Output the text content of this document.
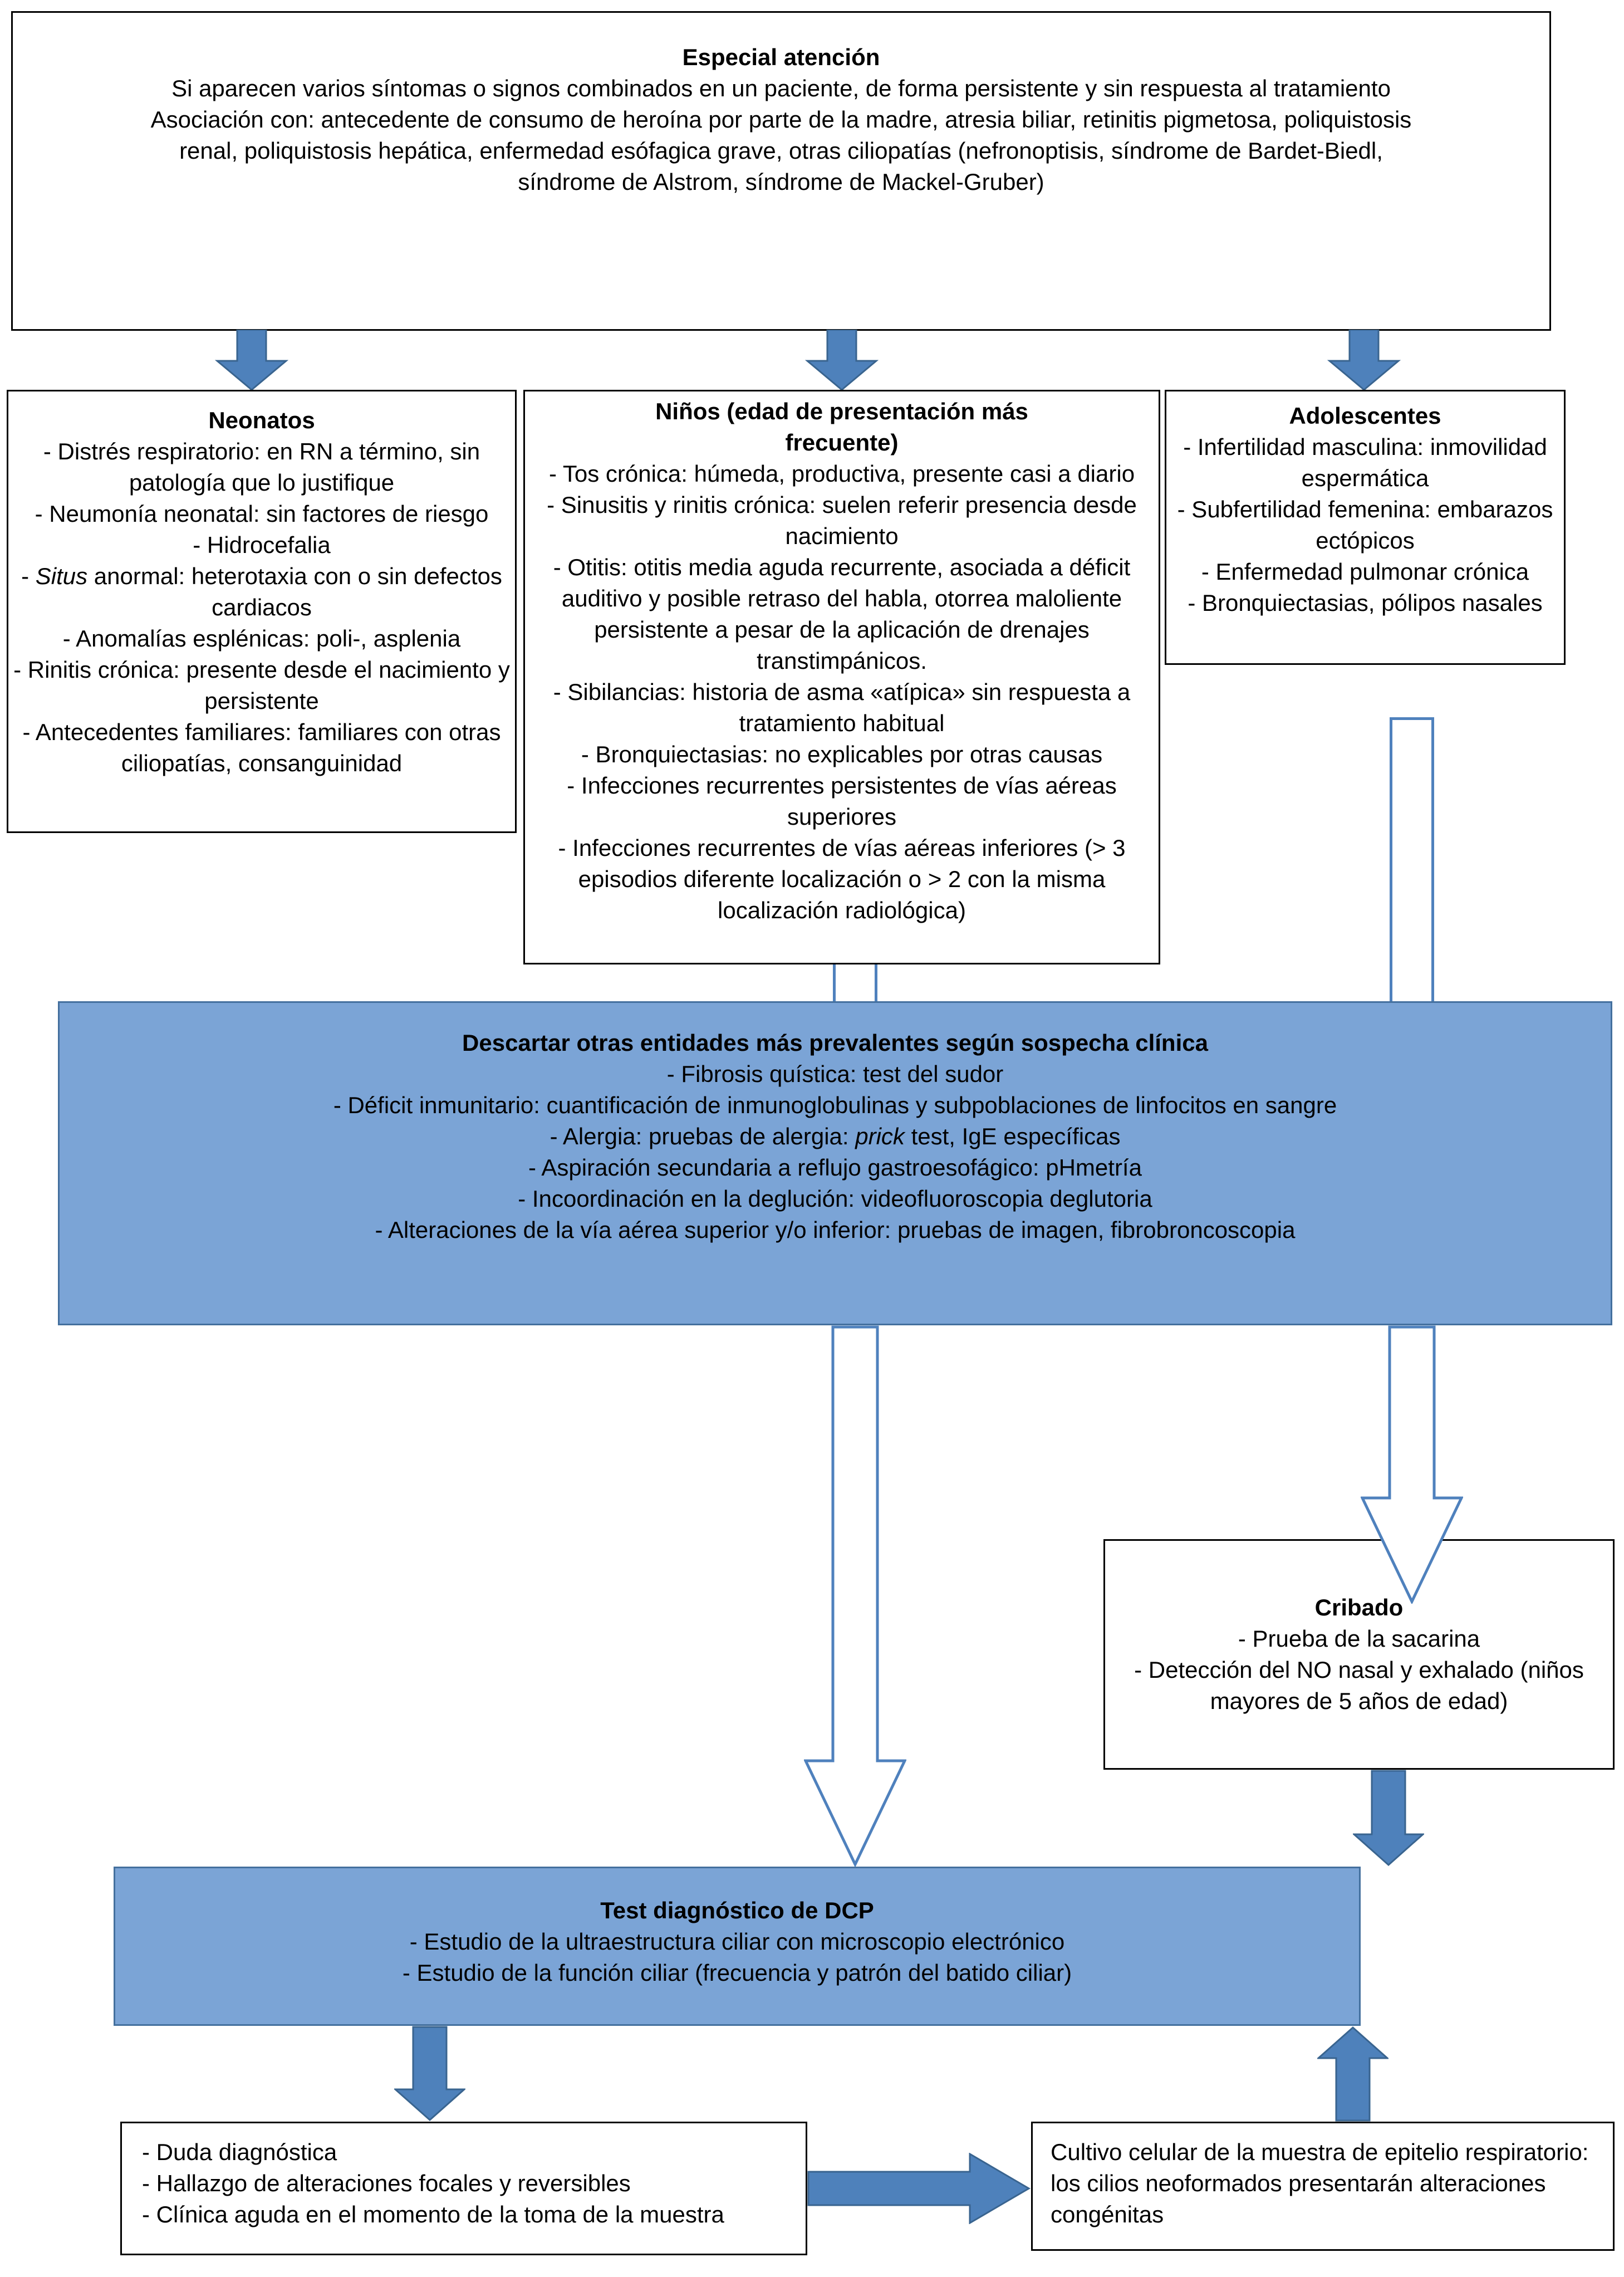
Especial atención
Si aparecen varios síntomas o signos combinados en un paciente, de forma persistente y sin respuesta al tratamiento
Asociación con: antecedente de consumo de heroína por parte de la madre, atresia biliar, retinitis pigmetosa, poliquistosis renal, poliquistosis hepática, enfermedad esófagica grave, otras ciliopatías (nefronoptisis, síndrome de Bardet-Biedl, síndrome de Alstrom, síndrome de Mackel-Gruber)
Neonatos
- Distrés respiratorio: en RN a término, sin patología que lo justifique
- Neumonía neonatal: sin factores de riesgo
- Hidrocefalia
- Situs anormal: heterotaxia con o sin defectos cardiacos
- Anomalías esplénicas: poli-, asplenia
- Rinitis crónica: presente desde el nacimiento y persistente
- Antecedentes familiares: familiares con otras ciliopatías, consanguinidad
Niños (edad de presentación más frecuente)
- Tos crónica: húmeda, productiva, presente casi a diario
- Sinusitis y rinitis crónica: suelen referir presencia desde nacimiento
- Otitis: otitis media aguda recurrente, asociada a déficit auditivo y posible retraso del habla, otorrea maloliente persistente a pesar de la aplicación de drenajes transtimpánicos.
- Sibilancias: historia de asma «atípica» sin respuesta a tratamiento habitual
- Bronquiectasias: no explicables por otras causas
- Infecciones recurrentes persistentes de vías aéreas superiores
- Infecciones recurrentes de vías aéreas inferiores (> 3 episodios diferente localización o > 2 con la misma localización radiológica)
Adolescentes
- Infertilidad masculina: inmovilidad espermática
- Subfertilidad femenina: embarazos ectópicos
- Enfermedad pulmonar crónica
- Bronquiectasias, pólipos nasales
Descartar otras entidades más prevalentes según sospecha clínica
- Fibrosis quística: test del sudor
- Déficit inmunitario: cuantificación de inmunoglobulinas y subpoblaciones de linfocitos en sangre
- Alergia: pruebas de alergia: prick test, IgE específicas
- Aspiración secundaria a reflujo gastroesofágico: pHmetría
- Incoordinación en la deglución: videofluoroscopia deglutoria
- Alteraciones de la vía aérea superior y/o inferior: pruebas de imagen, fibrobroncoscopia
Cribado
- Prueba de la sacarina
- Detección del NO nasal y exhalado (niños mayores de 5 años de edad)
Test diagnóstico de DCP
- Estudio de la ultraestructura ciliar con microscopio electrónico
- Estudio de la función ciliar (frecuencia y patrón del batido ciliar)
- Duda diagnóstica
- Hallazgo de alteraciones focales y reversibles
- Clínica aguda en el momento de la toma de la muestra
Cultivo celular de la muestra de epitelio respiratorio: los cilios neoformados presentarán alteraciones congénitas
